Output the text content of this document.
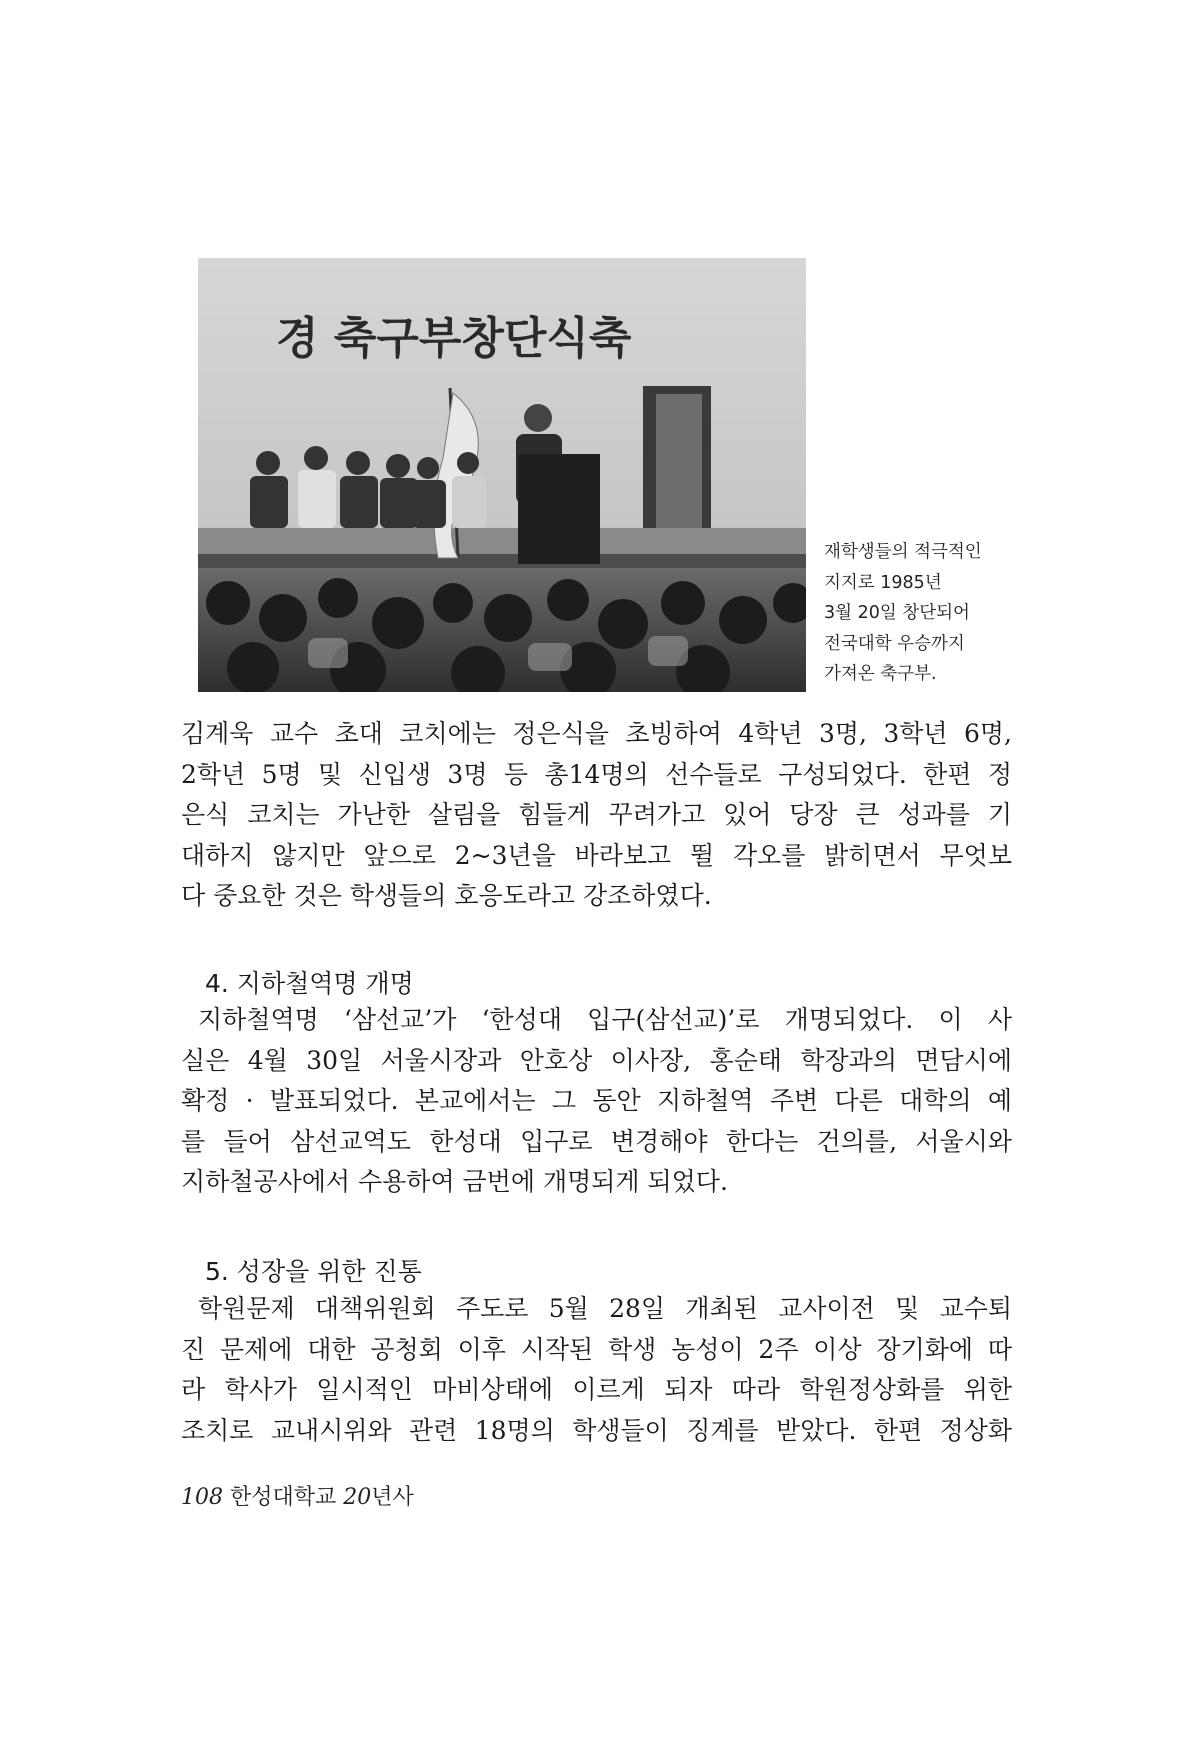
경 축구부창단식축
재학생들의 적극적인
지지로 1985년
3월 20일 창단되어
전국대학 우승까지
가져온 축구부.
김계욱 교수 초대 코치에는 정은식을 초빙하여 4학년 3명, 3학년 6명,
2학년 5명 및 신입생 3명 등 총14명의 선수들로 구성되었다. 한편 정
은식 코치는 가난한 살림을 힘들게 꾸려가고 있어 당장 큰 성과를 기
대하지 않지만 앞으로 2~3년을 바라보고 뛸 각오를 밝히면서 무엇보
다 중요한 것은 학생들의 호응도라고 강조하였다.
4. 지하철역명 개명
지하철역명 ‘삼선교’가 ‘한성대 입구(삼선교)’로 개명되었다. 이 사
실은 4월 30일 서울시장과 안호상 이사장, 홍순태 학장과의 면담시에
확정 · 발표되었다. 본교에서는 그 동안 지하철역 주변 다른 대학의 예
를 들어 삼선교역도 한성대 입구로 변경해야 한다는 건의를, 서울시와
지하철공사에서 수용하여 금번에 개명되게 되었다.
5. 성장을 위한 진통
학원문제 대책위원회 주도로 5월 28일 개최된 교사이전 및 교수퇴
진 문제에 대한 공청회 이후 시작된 학생 농성이 2주 이상 장기화에 따
라 학사가 일시적인 마비상태에 이르게 되자 따라 학원정상화를 위한
조치로 교내시위와 관련 18명의 학생들이 징계를 받았다. 한편 정상화
108 한성대학교 20년사
